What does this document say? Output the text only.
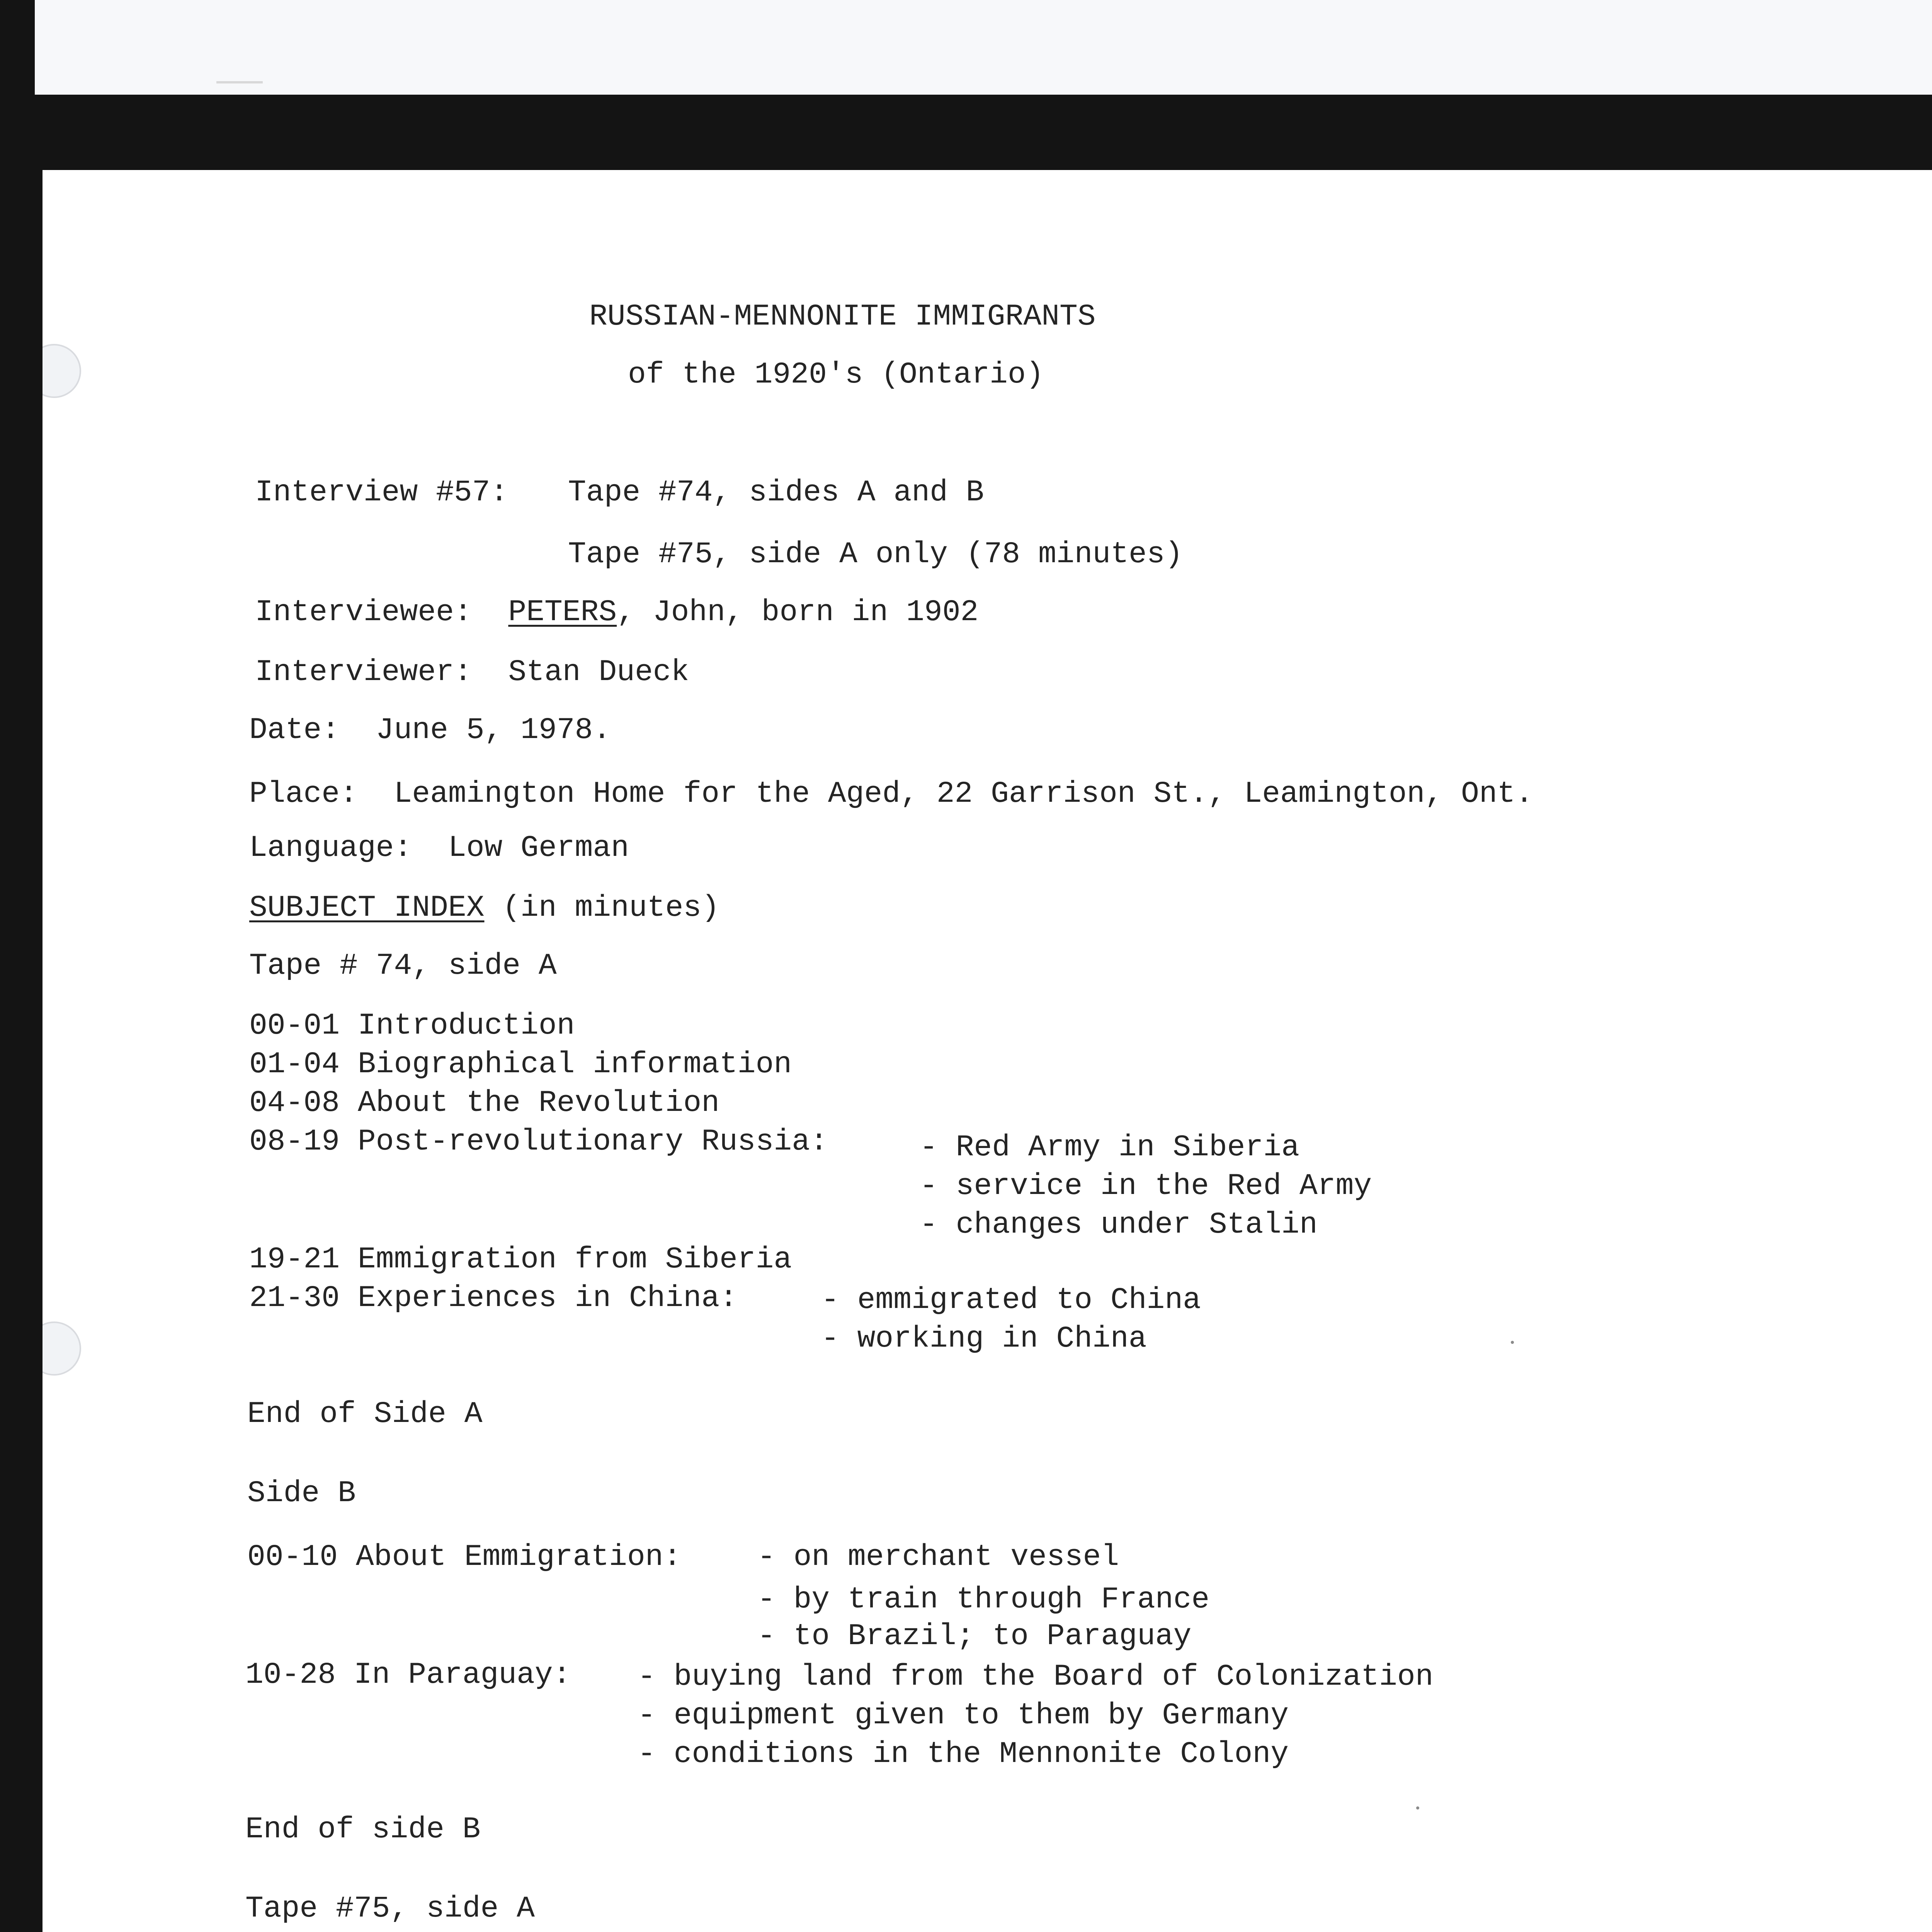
RUSSIAN-MENNONITE IMMIGRANTS
of the 1920's (Ontario)
Interview #57: Tape #74, sides A and B
Tape #75, side A only (78 minutes)
Interviewee: PETERS, John, born in 1902
Interviewer: Stan Dueck
Date: June 5, 1978.
Place: Leamington Home for the Aged, 22 Garrison St., Leamington, Ont.
Language: Low German
SUBJECT INDEX (in minutes)
Tape # 74, side A
00-01 Introduction
01-04 Biographical information
04-08 About the Revolution
08-19 Post-revolutionary Russia:	- Red Army in Siberia
- service in the Red Army
- changes under Stalin
19-21 Emmigration from Siberia
21-30 Experiences in China:	- emmigrated to China
- working in China
End of Side A
Side B
00-10 About Emmigration:	- on merchant vessel
- by train through France
- to Brazil; to Paraguay
10-28 In Paraguay: - buying land from the Board of Colonization
- equipment given to them by Germany
- conditions in the Mennonite Colony
End of side B
Tape #75, side A
